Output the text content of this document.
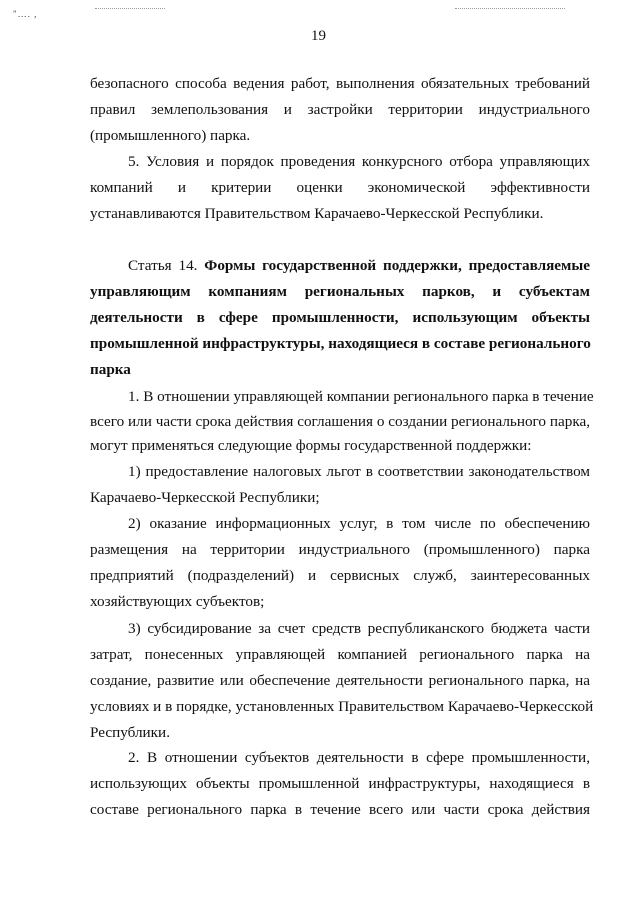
"…. ,
19
безопасного способа ведения работ, выполнения обязательных требований
правил землепользования и застройки территории индустриального
(промышленного) парка.
5. Условия и порядок проведения конкурсного отбора управляющих
компаний и критерии оценки экономической эффективности
устанавливаются Правительством Карачаево-Черкесской Республики.
Статья 14. Формы государственной поддержки, предоставляемые
управляющим компаниям региональных парков, и субъектам
деятельности в сфере промышленности, использующим объекты
промышленной инфраструктуры, находящиеся в составе регионального
парка
1. В отношении управляющей компании регионального парка в течение
всего или части срока действия соглашения о создании регионального парка,
могут применяться следующие формы государственной поддержки:
1) предоставление налоговых льгот в соответствии законодательством
Карачаево-Черкесской Республики;
2) оказание информационных услуг, в том числе по обеспечению
размещения на территории индустриального (промышленного) парка
предприятий (подразделений) и сервисных служб, заинтересованных
хозяйствующих субъектов;
3) субсидирование за счет средств республиканского бюджета части
затрат, понесенных управляющей компанией регионального парка на
создание, развитие или обеспечение деятельности регионального парка, на
условиях и в порядке, установленных Правительством Карачаево-Черкесской
Республики.
2. В отношении субъектов деятельности в сфере промышленности,
использующих объекты промышленной инфраструктуры, находящиеся в
составе регионального парка в течение всего или части срока действия
